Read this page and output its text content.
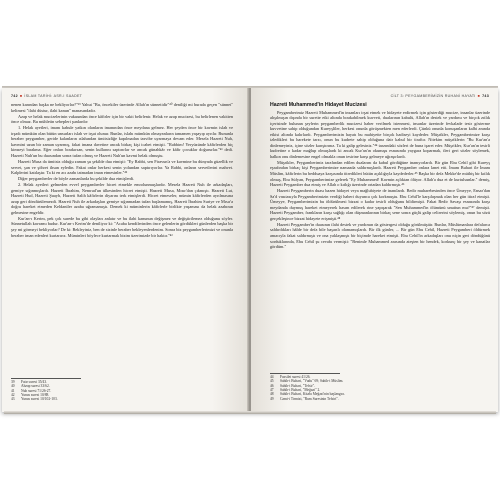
742 ■ İSLAM TARİHİ: ASR-I SAADET

nenen karından başka ne bekliyorlar?"³⁹ Yahut "Bu, öncekiler üzerinde Allah'ın sünnetidir"⁴⁰ deniliği mi burada geçen "sünnet" kelimesi "ilahi düstur, ilahi kanun" manasındadır.

Azap ve helak mucizelerinin vukuundan önce kâfirler için bir vakit belirlenir. Helak ve azap mucizesi, bu belirlenen vakitten önce olmaz. Bu mühletin sebepleri şunlardır:

1. Helak ayetleri, imanı kabule yatkın olanların imanından önce meydana gelmez. Her şeyden önce bir kavmin islah ve irşadı mümkün olan bütün unsurları islah ve irşat olunur. Bunlar, islahı mümkün olmayanların tamamen yaşayıp ayrılır. Bununla beraber peygamber, geride kalanların ıslahından ümitsizliğe kapılmadan tasvibe uyarmaya devam eder. Mesela Hazreti Nuh, kavmini uzun bir zaman uyarmış, fakat imana davetine ancak birkaç kişi icabet etmişti. "Rabbim! Yeryüzünde kâfirlerden hiç kimseyi bırakma. Eğer onları bırakırsan, senin kullarını saptırırlar ve ancak günahkâr ve kâfir çocuklar doğururlar."⁴¹ dedi. Hazreti Nuh'un bu duasından sonra tufan olmuş ve Hazreti Nuh'un kavmi helak olmuştu.

Hazreti Musa da ümitsiz olduğu zaman şu şekilde dua etmişti: "Ey Rabbi, sen Firavun'a ve kavmine bu dünyada güzellik ve servet, şan ve şöhret ihsan eyledin. Fakat onlar herkesi senin yolundan saptırıyorlar. Ya Rabbi, onların servetlerini mahvet. Kalplerini katılaştır. Ta ki en acı azabı tatmadan iman etmesinler."⁴²

Diğer peygamberler de böyle zamanlarda bu şekilde dua etmişlerdi.

2. Helak ayetleri gelmeden evvel peygamberler hicret etmekle emrolunmuşlardır. Mesela Hazreti Nuh ile arkadaşları, gemiye sığınmışlardı. Hazreti İbrahim, Nemrud'un ülkesinden hicret etmişti. Hazreti Musa, Mısır'dan çıkmıştı. Hazreti Lut, Hazreti Hud, Hazreti Şuayb, Hazreti Salih kâfirlerin diyarını terk etmişlerdi. Hicret etmeseler, mümin kâfirlerden ayrılmasına azap geri döndürülemezdi. Hazreti Nuh ile arkadaşları gemiye sığınmadan tufan başlamamış, Hazreti İbrahim Suriye ve Mısır'a doğru hareket etmeden Keldaniler azaba uğramamıştı. Demek ki müminlerin kâfirlerle birlikte yaşaması da helak azabının gelmesine engeldir.

Kur'an-ı Kerim, pek çok surede bu gibi olayları anlatır ve bu ilahi kanunun değişmez ve değiştirilemez olduğunu söyler. Sünnetullah kavramı budur. Kur'an-ı Kerim'de deniliyor ki: "Acaba kendilerinden önce gelenlerin gördükleri günlerden başka bir şey mi görmeyi bekliyorlar? De ki: Bekleyiniz, ben de sizinle beraber bekleyenlerdenim. Sonra biz peygamberlerimizi ve onunla beraber iman edenleri kurtarırız. Müminleri böylece kurtarmak bizim üzerimizde bir haktır."⁴³

39 Fatır suresi 35/43.
40 Ahzap suresi 33/62.
41 Nuh suresi 71/26-27.
42 Yunus suresi 10/88.
43 Yunus suresi 10/102-103.
CİLT 3: PEYGAMBERİMİZİN RUHANİ HAYATI ■ 743

Hazreti Muhammed'in Hidayet Mucizesi

Peygamberimiz Hazreti Muhammed'in insanları irşat etmek ve hidayete erdirmek için gösterdiği mucize, insanlar üzerinde alışılmışın dışında bir surette etki altında bırakabilmek kuvveti, dualarının kabulü, Allah'ın destek ve yardımı ve birçok zıtlık içerisinde bulunan şeylerin peygamberlik mucizesi haber verilmek istenmesi, insanlar üzerinde fevkalade tesir gösterme kuvvetine sahip olduğundan Kureyşliler, herkesi onunla görüşmekten men ederlerdi. Çünkü onunla konuşanların kalbi anında etkisi altında kalırlardı. Peygamberimizin hayatı bu mahiyette birçok hadiseyi kaydeder. Müşrikler, Peygamberimize karşı izledikleri bu harekete tarzı, onun bu kudrete sahip olduğuna dair kabul bir tiraftır. Nitekim müşriklerin "Bu Kur'an'a dinlemeyiniz, içine sözler karıştırınız. Ta ki galip gelesiniz."⁴⁴ tarzındaki sözleri de buna işaret eder. Müşrikler, Kur'an'ın tesirli kudretine o kadar mağlup olmuşlardı ki ancak Kur'an'ın okunuşu esnasında yaygara koparmak, ileri geri sözler söylemek, halkın onu dinlemesine engel olmakla onun tesirine karşı gelmeye uğraşırlardı.

Müşrikler, Peygamberimiz tarafından edilen dualarını da kabul gördüğüne inanıyorlardı. Bir gün Ebu Cehil gibi Kureyş eşrafından birkaç kişi Peygamberimize namazda saldırmışlardı. Hazreti Peygamber onlara lanet etti. İmam Buhari ile İmam Müslim, kâfirlerin bu bedduaya karşısında titredikleri bütün açıklığıyla kaydederler.⁴⁵ Başka bir defa Mekke'de müthiş bir kıtlık olmuş, Ebu Süfyan, Peygamberimize gelerek "Ey Muhammed! Kavmin açlıktan ölüyor. Allah'a dua et de kurtulsunlar." demiş, Hazreti Peygamber dua etmiş ve Allah o kıtlığı üzerinde ortadan kaldırmıştı.⁴⁶

Hazreti Peygamberin duası bazen hidayet veya mağlubiyete de inanılardı. Bedir muharebesinden önce Ümeyye, Ensar'dan Sa'd vasıtasıyla Peygamberimizin verdiği haberi duyunca çok korkmuştu. Ebu Cehil'le karşılaşmak olan her gün itiraf etmişti. Ümeyye, Peygamberimizin bu öldürülmesi bizzat o kadar tesirli olduğunu bildirmişti. Fakat Bedir Savaşı esnasında karşı meydanda duymuş hareket etmeyerek hasım edilerek rine yapışarak "Sen Muhammed'in ölümünü unuttun mu?"⁴⁷ demişti. Hazreti Peygamber, frankların karşı sağlığı olan düşmanlarının birkaç sene sonra güçlü galip celirerini söylemiş, onun bu sözü gerçekleşince bizzat hidayete erişmişti.⁴⁸

Hazreti Peygamber'in duasının ilahi destek ve yardımın da göstergesi olduğu görülmüştür. Bunlar, Müslümanlara defalarca saldırdıkları hâlde bir defa bile başarılı olamamışlardı. Bir ilk günler, ... Bir gün Ebu Cehil, Hazreti Peygamberi öldürmek amacıyla fakat saldırmıştı ve ona yaklaşmıştı bir biçimde hareket etmişti. Ebu Cehil'in arkadaşları onu niçin geri döndüğünü sorduklarında, Ebu Cehil şu cevabı vermişti: "Benimle Muhammed arasında ateşten bir hendek, korkunç bir şey ve kanatlar gördüm."

44 Fussilet suresi 41/26.
45 Sahih-i Buhari, "Vudu" 69; Sahih-i Müslim.
46 Sahih-i Buhari, "Tefsir".
47 Sahih-i Buhari, "Meğazi" 2.
48 Sahih-i Buhari, Kitabı Meğazi'nin başlangıcı.
49 Cami-i Tirmizi, "Rum Suresinin Tefsiri".
